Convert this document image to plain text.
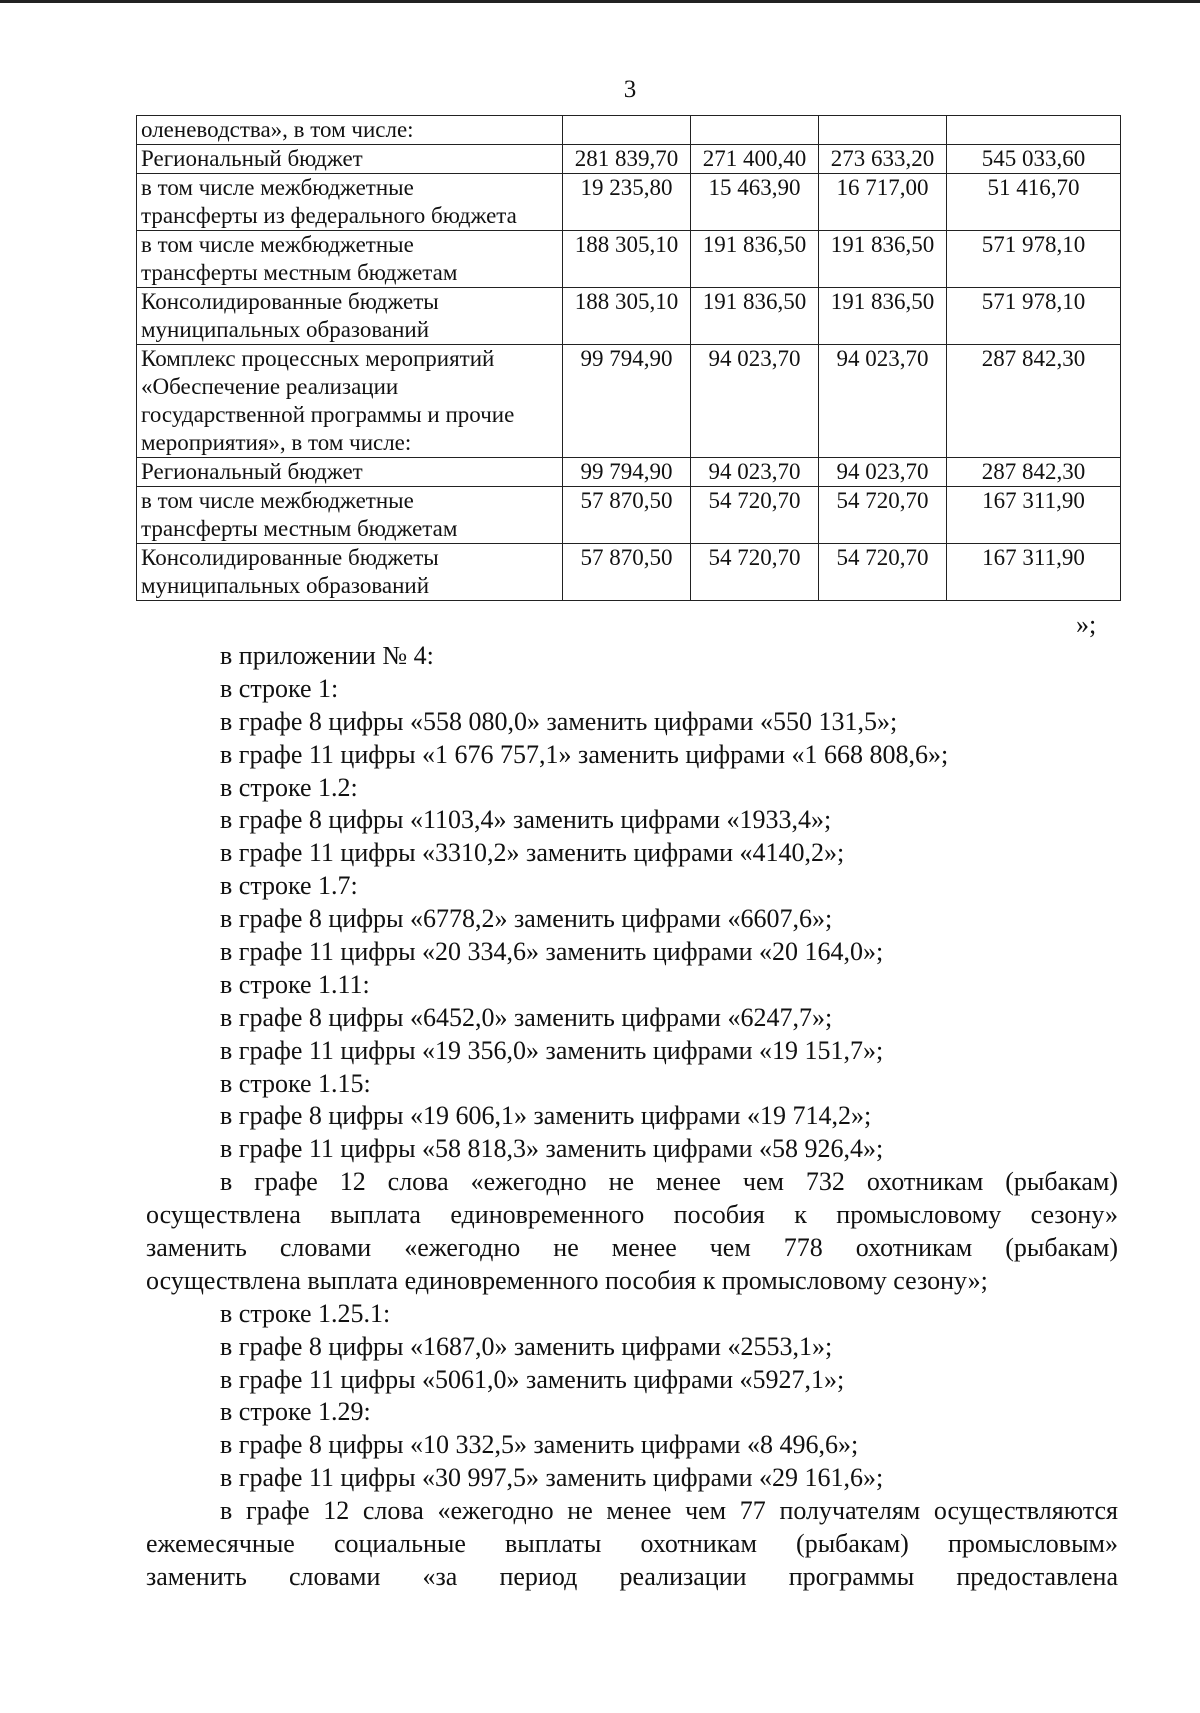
3
оленеводства», в том числе:				

Региональный бюджет	281 839,70	271 400,40	273 633,20	545 033,60

в том числе межбюджетные
трансферты из федерального бюджета	19 235,80	15 463,90	16 717,00	51 416,70

в том числе межбюджетные
трансферты местным бюджетам	188 305,10	191 836,50	191 836,50	571 978,10

Консолидированные бюджеты
муниципальных образований	188 305,10	191 836,50	191 836,50	571 978,10

Комплекс процессных мероприятий
«Обеспечение реализации
государственной программы и прочие
мероприятия», в том числе:	99 794,90	94 023,70	94 023,70	287 842,30

Региональный бюджет	99 794,90	94 023,70	94 023,70	287 842,30

в том числе межбюджетные
трансферты местным бюджетам	57 870,50	54 720,70	54 720,70	167 311,90

Консолидированные бюджеты
муниципальных образований	57 870,50	54 720,70	54 720,70	167 311,90
»;
в приложении № 4:
в строке 1:
в графе 8 цифры «558 080,0» заменить цифрами «550 131,5»;
в графе 11 цифры «1 676 757,1» заменить цифрами «1 668 808,6»;
в строке 1.2:
в графе 8 цифры «1103,4» заменить цифрами «1933,4»;
в графе 11 цифры «3310,2» заменить цифрами «4140,2»;
в строке 1.7:
в графе 8 цифры «6778,2» заменить цифрами «6607,6»;
в графе 11 цифры «20 334,6» заменить цифрами «20 164,0»;
в строке 1.11:
в графе 8 цифры «6452,0» заменить цифрами «6247,7»;
в графе 11 цифры «19 356,0» заменить цифрами «19 151,7»;
в строке 1.15:
в графе 8 цифры «19 606,1» заменить цифрами «19 714,2»;
в графе 11 цифры «58 818,3» заменить цифрами «58 926,4»;
в графе 12 слова «ежегодно не менее чем 732 охотникам (рыбакам)
осуществлена выплата единовременного пособия к промысловому сезону»
заменить словами «ежегодно не менее чем 778 охотникам (рыбакам)
осуществлена выплата единовременного пособия к промысловому сезону»;
в строке 1.25.1:
в графе 8 цифры «1687,0» заменить цифрами «2553,1»;
в графе 11 цифры «5061,0» заменить цифрами «5927,1»;
в строке 1.29:
в графе 8 цифры «10 332,5» заменить цифрами «8 496,6»;
в графе 11 цифры «30 997,5» заменить цифрами «29 161,6»;
в графе 12 слова «ежегодно не менее чем 77 получателям осуществляются
ежемесячные социальные выплаты охотникам (рыбакам) промысловым»
заменить словами «за период реализации программы предоставлена
